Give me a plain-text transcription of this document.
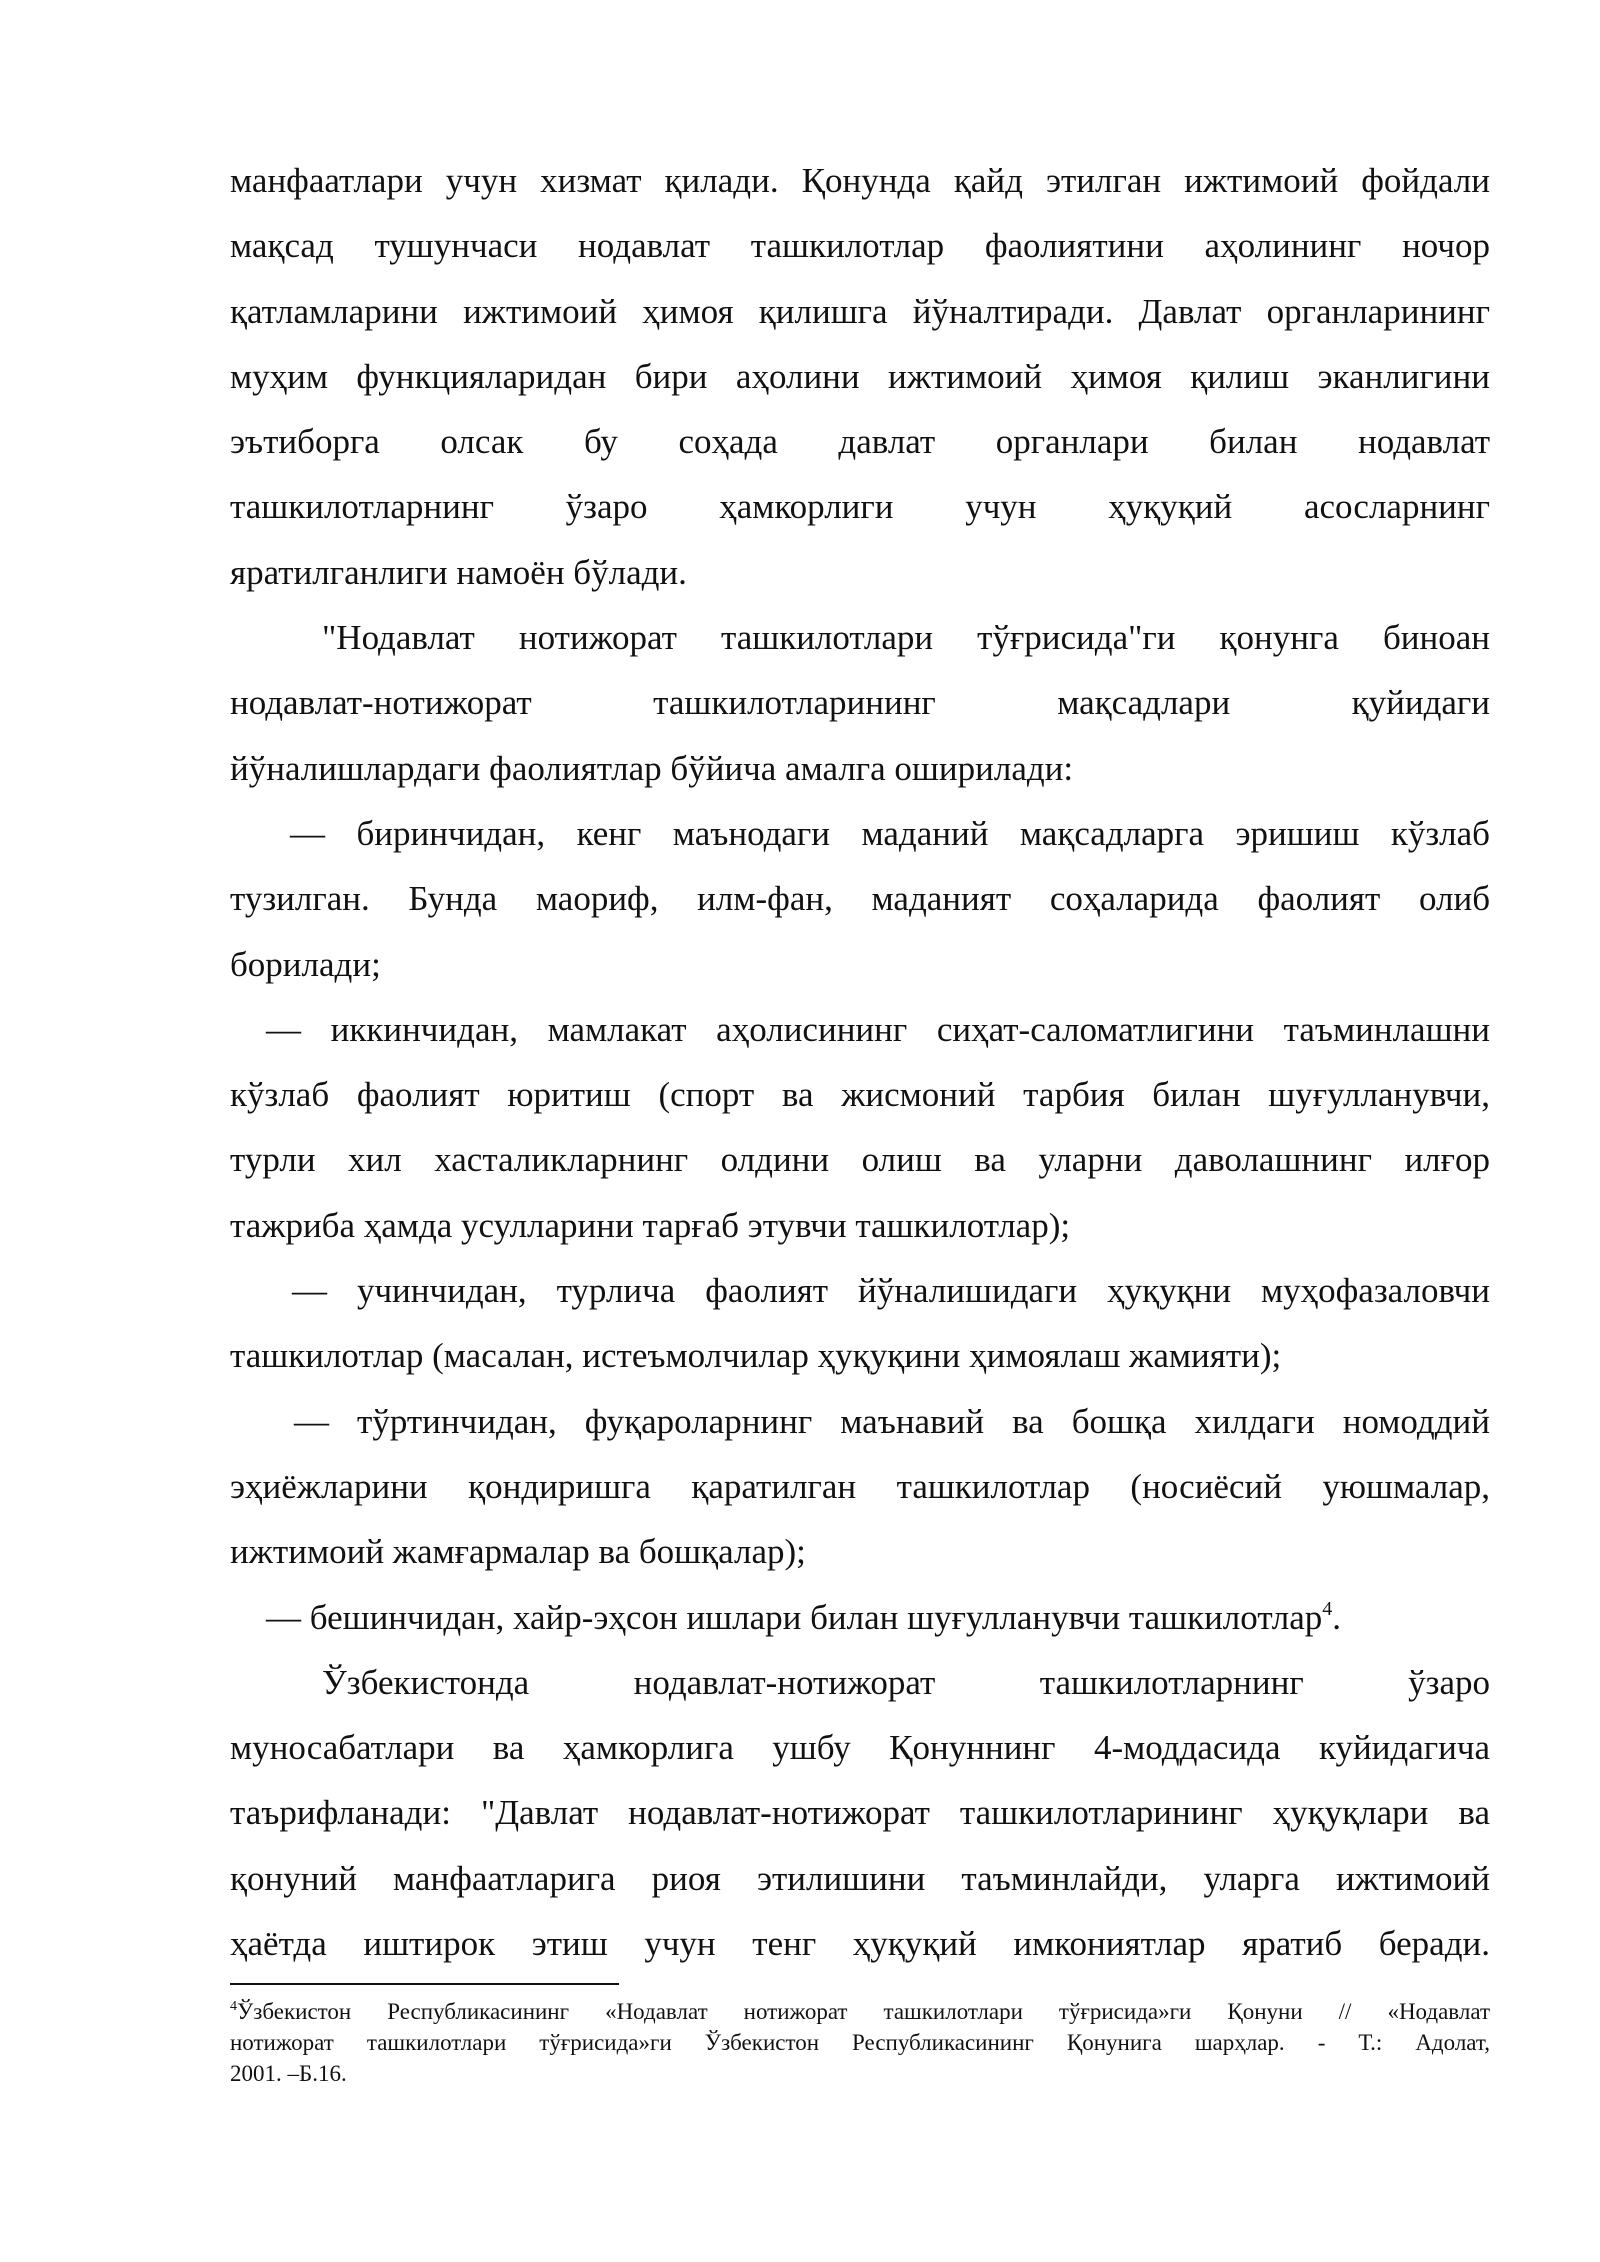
манфаатлари учун хизмат қилади. Қонунда қайд этилган ижтимоий фойдали
мақсад тушунчаси нодавлат ташкилотлар фаолиятини аҳолининг ночор
қатламларини ижтимоий ҳимоя қилишга йўналтиради. Давлат органларининг
муҳим функцияларидан бири аҳолини ижтимоий ҳимоя қилиш эканлигини
эътиборга олсак бу соҳада давлат органлари билан нодавлат
ташкилотларнинг ўзаро ҳамкорлиги учун ҳуқуқий асосларнинг
яратилганлиги намоён бўлади.
"Нодавлат нотижорат ташкилотлари тўғрисида"ги қонунга биноан
нодавлат-нотижорат ташкилотларининг мақсадлари қуйидаги
йўналишлардаги фаолиятлар бўйича амалга оширилади:
— биринчидан, кенг маънодаги маданий мақсадларга эришиш кўзлаб
тузилган. Бунда маориф, илм-фан, маданият соҳаларида фаолият олиб
борилади;
— иккинчидан, мамлакат аҳолисининг сиҳат-саломатлигини таъминлашни
кўзлаб фаолият юритиш (спорт ва жисмоний тарбия билан шуғулланувчи,
турли хил хасталикларнинг олдини олиш ва уларни даволашнинг илғор
тажриба ҳамда усулларини тарғаб этувчи ташкилотлар);
— учинчидан, турлича фаолият йўналишидаги ҳуқуқни муҳофазаловчи
ташкилотлар (масалан, истеъмолчилар ҳуқуқини ҳимоялаш жамияти);
— тўртинчидан, фуқароларнинг маънавий ва бошқа хилдаги номоддий
эҳиёжларини қондиришга қаратилган ташкилотлар (носиёсий уюшмалар,
ижтимоий жамғармалар ва бошқалар);
— бешинчидан, хайр-эҳсон ишлари билан шуғулланувчи ташкилотлар$^4$.
Ўзбекистонда нодавлат-нотижорат ташкилотларнинг ўзаро
муносабатлари ва ҳамкорлига ушбу Қонуннинг 4-моддасида куйидагича
таърифланади: "Давлат нодавлат-нотижорат ташкилотларининг ҳуқуқлари ва
қонуний манфаатларига риоя этилишини таъминлайди, уларга ижтимоий
ҳаётда иштирок этиш учун тенг ҳуқуқий имкониятлар яратиб беради.
$^4$Ўзбекистон Республикасининг «Нодавлат нотижорат ташкилотлари тўғрисида»ги Қонуни // «Нодавлат
нотижорат ташкилотлари тўғрисида»ги Ўзбекистон Республикасининг Қонунига шарҳлар. - Т.: Адолат,
2001. –Б.16.
